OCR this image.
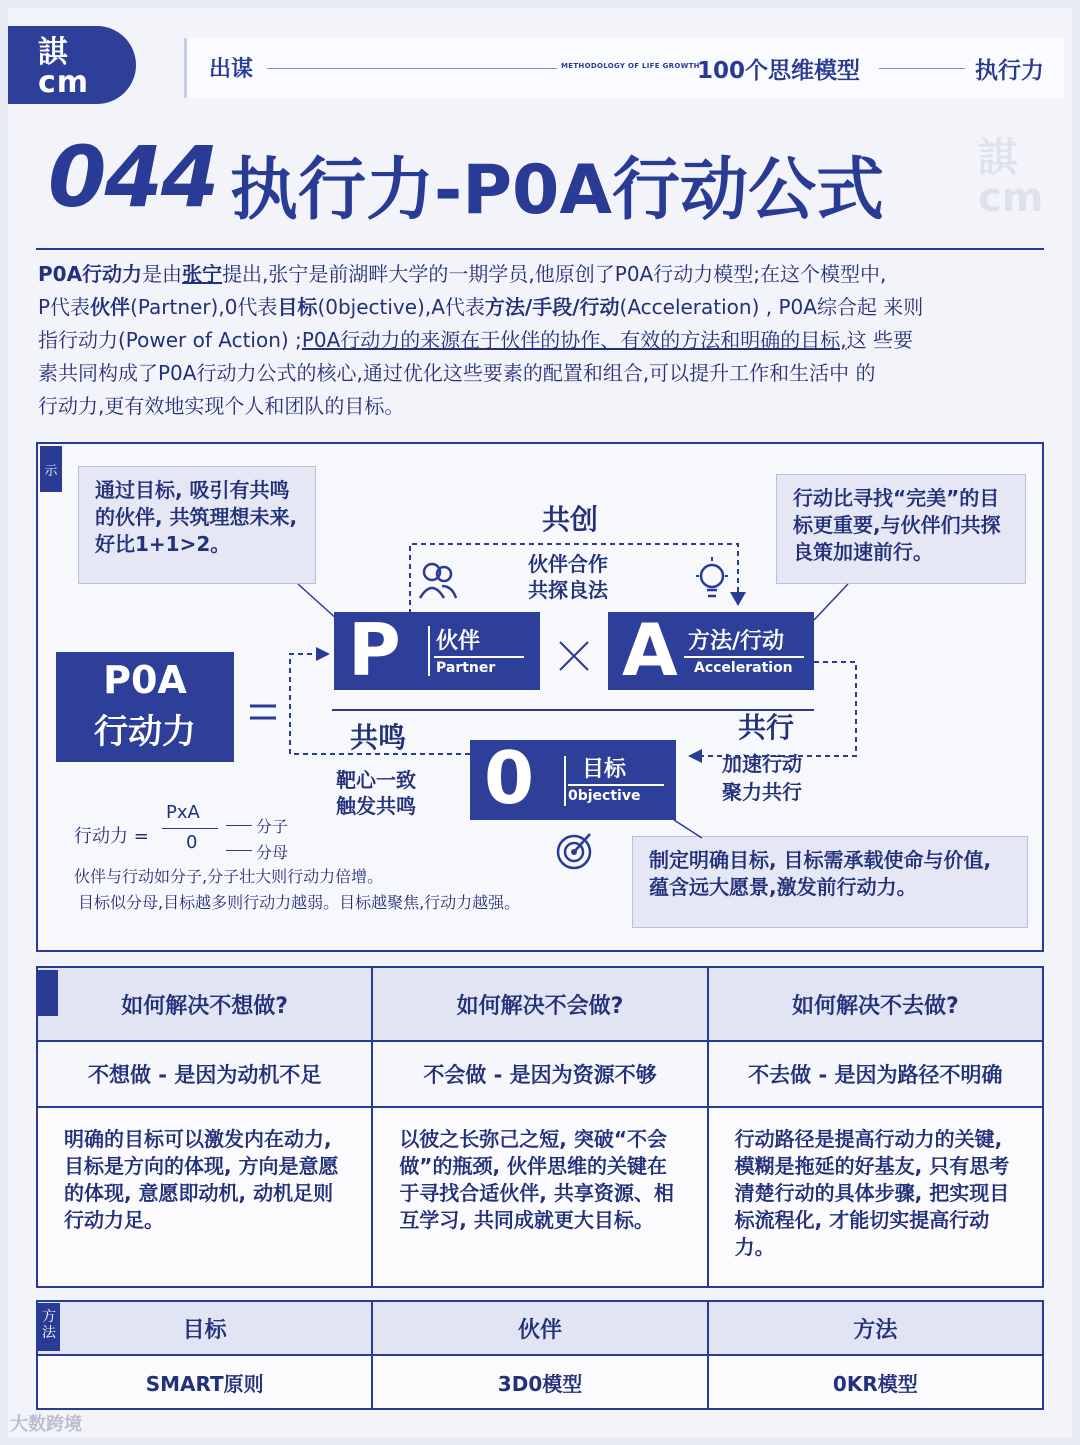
諆
cm	出谋	METHODOLOGY OF LIFE GROWTH
100个思维模型	执行力
044 执行力-P0A行动公式 諆 cm
P0A行动力是由张宁提出,张宁是前湖畔大学的一期学员,他原创了P0A行动力模型;在这个模型中,
P代表伙伴(Partner),0代表目标(0bjective),A代表方法/手段/行动(Acceleration) , P0A综合起 来则
指行动力(Power of Action) ;P0A行动力的来源在于伙伴的协作、有效的方法和明确的目标,这 些要
素共同构成了P0A行动力公式的核心,通过优化这些要素的配置和组合,可以提升工作和生活中 的
行动力,更有效地实现个人和团队的目标。
示
通过目标, 吸引有共鸣的伙伴, 共筑理想未来,好比1+1>2。
行动比寻找“完美”的目标更重要,与伙伴们共探良策加速前行。
制定明确目标, 目标需承载使命与价值,蕴含远大愿景,激发前行动力。
共创
伙伴合作
共探良法
P0A
行动力
P 伙伴
Partner A 方法/行动
Acceleration
0 目标
0bjective
共鸣
靶心一致
触发共鸣
共行
加速行动
聚力共行
行动力 =
PxA
0
分子
分母
伙伴与行动如分子,分子壮大则行动力倍增。
目标似分母,目标越多则行动力越弱。目标越聚焦,行动力越强。
如何解决不想做?	如何解决不会做?	如何解决不去做?
不想做 - 是因为动机不足	不会做 - 是因为资源不够	不去做 - 是因为路径不明确
明确的目标可以激发内在动力, 目标是方向的体现, 方向是意愿的体现, 意愿即动机, 动机足则行动力足。	以彼之长弥己之短, 突破“不会做”的瓶颈, 伙伴思维的关键在于寻找合适伙伴, 共享资源、相互学习, 共同成就更大目标。	行动路径是提高行动力的关键, 模糊是拖延的好基友, 只有思考清楚行动的具体步骤, 把实现目标流程化, 才能切实提高行动力。
目标	伙伴	方法
SMART原则	3D0模型	0KR模型
方法
大数跨境
